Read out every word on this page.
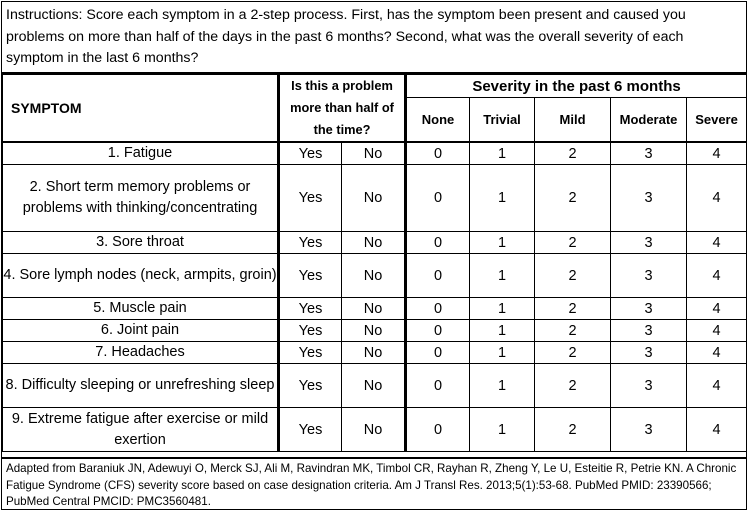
Instructions: Score each symptom in a 2-step process. First, has the symptom been present and caused you problems on more than half of the days in the past 6 months? Second, what was the overall severity of each symptom in the last 6 months?
SYMPTOM	Is this a problem more than half of the time?		Severity in the past 6 months				
			None	Trivial	Mild	Moderate	Severe
1. Fatigue	Yes	No	0	1	2	3	4
2. Short term memory problems or problems with thinking/concentrating	Yes	No	0	1	2	3	4
3. Sore throat	Yes	No	0	1	2	3	4
4. Sore lymph nodes (neck, armpits, groin)	Yes	No	0	1	2	3	4
5. Muscle pain	Yes	No	0	1	2	3	4
6. Joint pain	Yes	No	0	1	2	3	4
7. Headaches	Yes	No	0	1	2	3	4
8. Difficulty sleeping or unrefreshing sleep	Yes	No	0	1	2	3	4
9. Extreme fatigue after exercise or mild exertion	Yes	No	0	1	2	3	4
Adapted from Baraniuk JN, Adewuyi O, Merck SJ, Ali M, Ravindran MK, Timbol CR, Rayhan R, Zheng Y, Le U, Esteitie R, Petrie KN. A Chronic Fatigue Syndrome (CFS) severity score based on case designation criteria. Am J Transl Res. 2013;5(1):53-68. PubMed PMID: 23390566; PubMed Central PMCID: PMC3560481.
